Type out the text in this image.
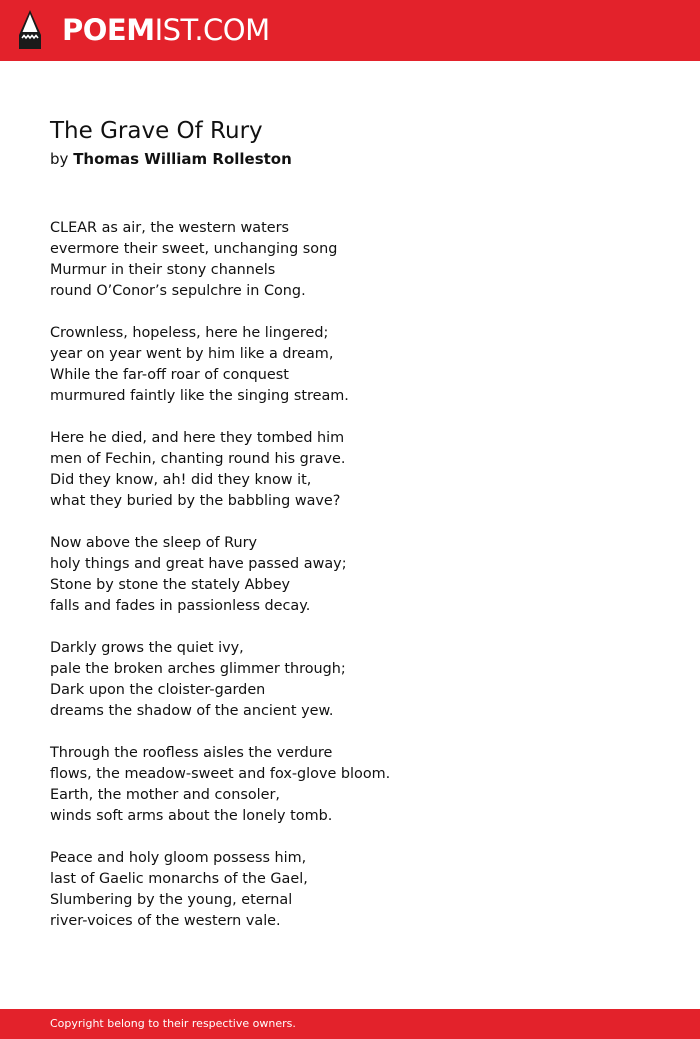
POEMIST.COM
The Grave Of Rury
by Thomas William Rolleston
CLEAR as air, the western waters
evermore their sweet, unchanging song
Murmur in their stony channels
round O’Conor’s sepulchre in Cong.
Crownless, hopeless, here he lingered;
year on year went by him like a dream,
While the far-off roar of conquest
murmured faintly like the singing stream.
Here he died, and here they tombed him
men of Fechin, chanting round his grave.
Did they know, ah! did they know it,
what they buried by the babbling wave?
Now above the sleep of Rury
holy things and great have passed away;
Stone by stone the stately Abbey
falls and fades in passionless decay.
Darkly grows the quiet ivy,
pale the broken arches glimmer through;
Dark upon the cloister-garden
dreams the shadow of the ancient yew.
Through the roofless aisles the verdure
flows, the meadow-sweet and fox-glove bloom.
Earth, the mother and consoler,
winds soft arms about the lonely tomb.
Peace and holy gloom possess him,
last of Gaelic monarchs of the Gael,
Slumbering by the young, eternal
river-voices of the western vale.
Copyright belong to their respective owners.
